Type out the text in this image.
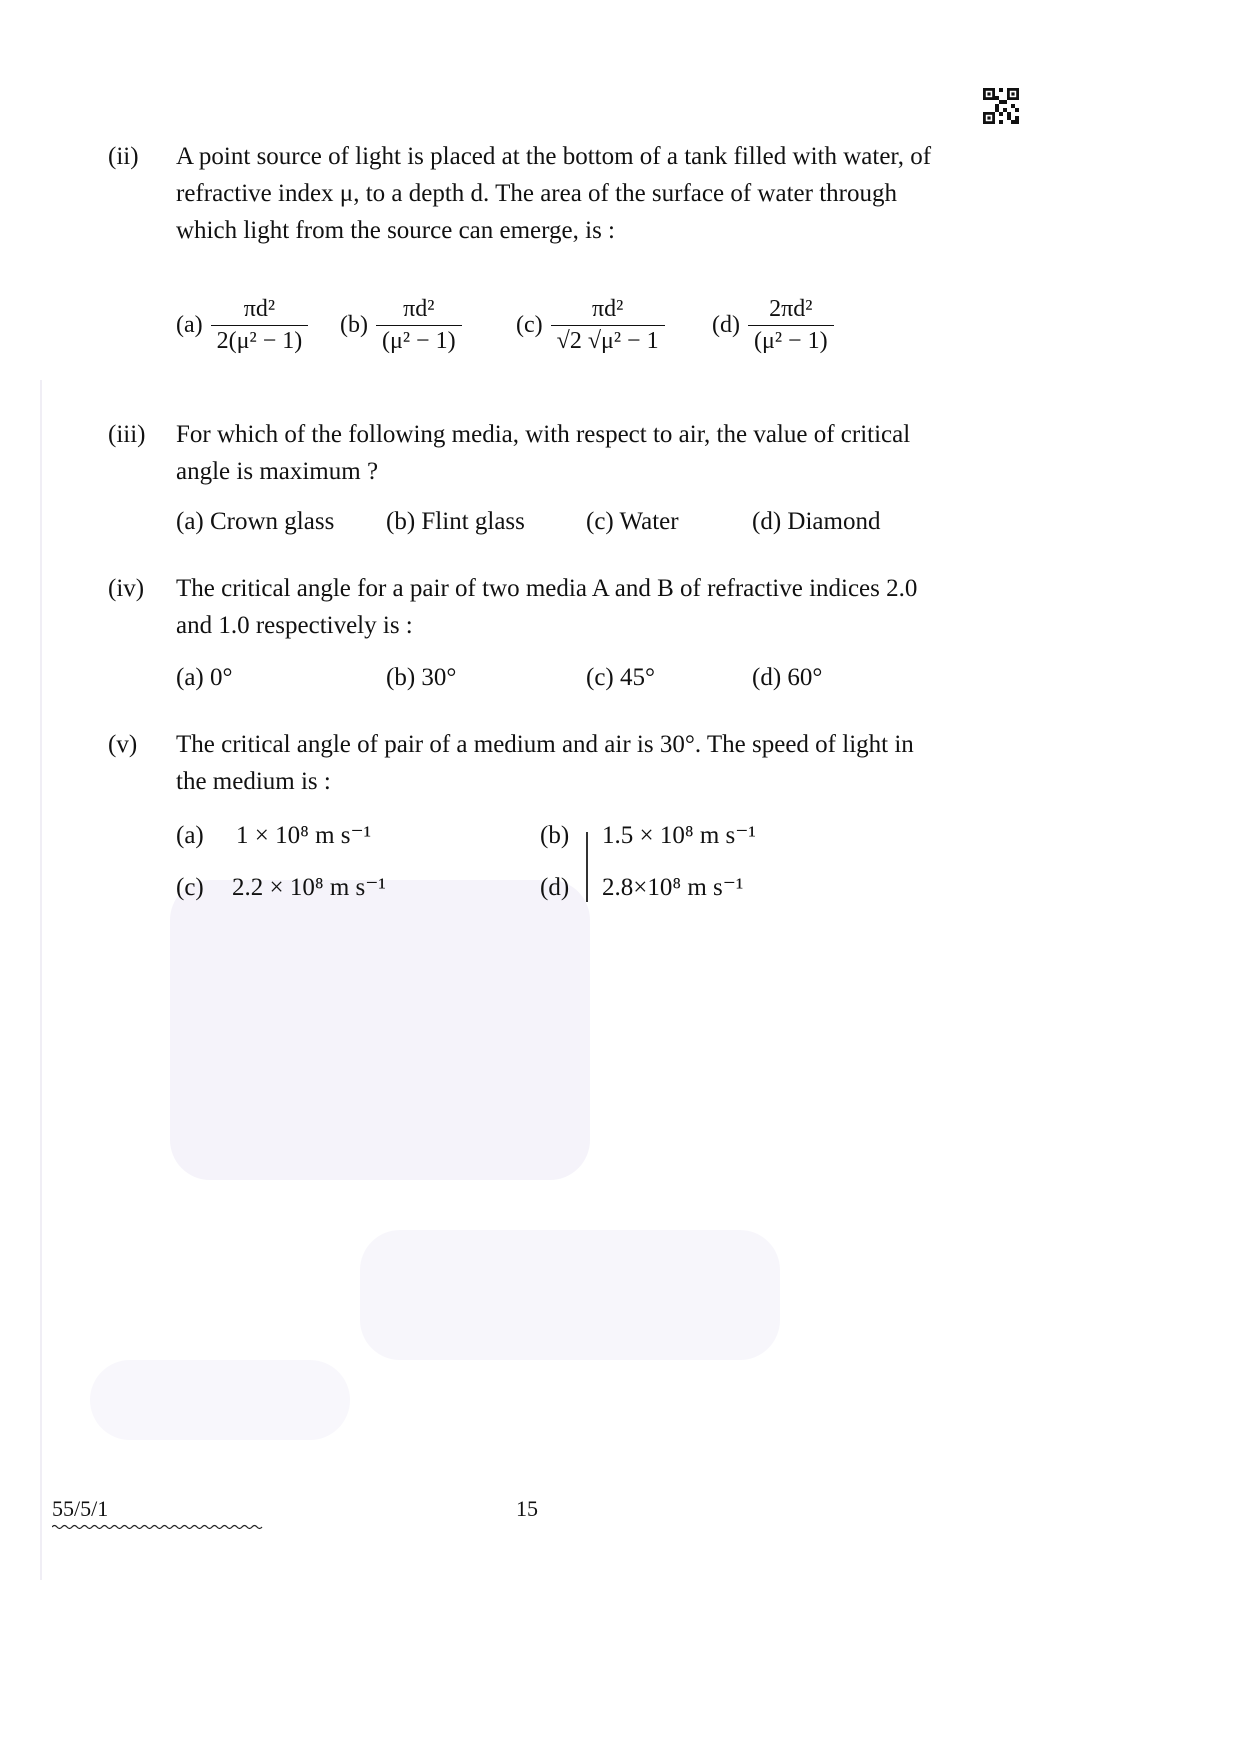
(ii) A point source of light is placed at the bottom of a tank filled with water, of refractive index μ, to a depth d. The area of the surface of water through which light from the source can emerge, is :
$(a) \frac{\text{πd²}}{\text{2(μ² − 1)}} (b) \frac{\text{πd²}}{\text{(μ² − 1)}} (c) \frac{\text{πd²}}{\text{√2 √μ² − 1}} (d) \frac{\text{2πd²}}{\text{(μ² − 1)}}$
(iii) For which of the following media, with respect to air, the value of critical angle is maximum ?
(a) Crown glass (b) Flint glass (c) Water	(d) Diamond
(iv) The critical angle for a pair of two media A and B of refractive indices 2.0 and 1.0 respectively is :
(a) 0°	(b) 30°	(c) 45°	(d) 60°
(v) The critical angle of pair of a medium and air is 30°. The speed of light in the medium is :
(a) 1 × 10⁸ m s⁻¹	(b) 1.5 × 10⁸ m s⁻¹
(c) 2.2 × 10⁸ m s⁻¹	(d) 2.8×10⁸ m s⁻¹
55/5/1	15
